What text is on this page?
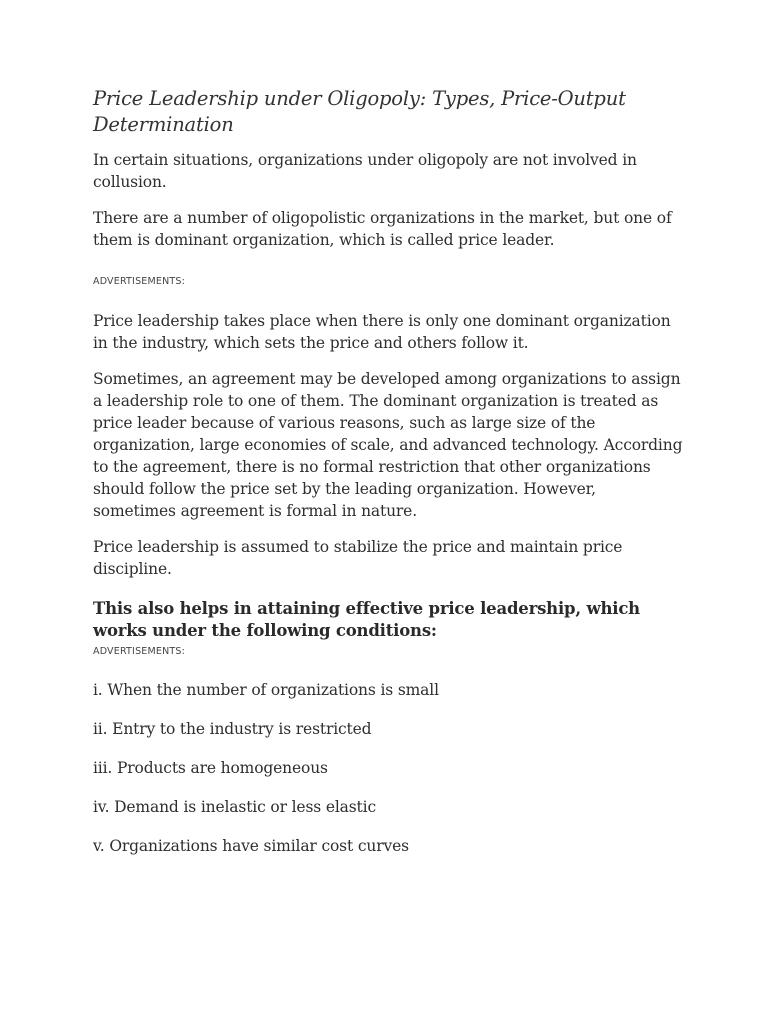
Price Leadership under Oligopoly: Types, Price-Output Determination

In certain situations, organizations under oligopoly are not involved in collusion.

There are a number of oligopolistic organizations in the market, but one of them is dominant organization, which is called price leader.

ADVERTISEMENTS:

Price leadership takes place when there is only one dominant organization in the industry, which sets the price and others follow it.

Sometimes, an agreement may be developed among organizations to assign a leadership role to one of them. The dominant organization is treated as price leader because of various reasons, such as large size of the organization, large economies of scale, and advanced technology. According to the agreement, there is no formal restriction that other organizations should follow the price set by the leading organization. However, sometimes agreement is formal in nature.

Price leadership is assumed to stabilize the price and maintain price discipline.

This also helps in attaining effective price leadership, which works under the following conditions:
ADVERTISEMENTS:
i. When the number of organizations is small
ii. Entry to the industry is restricted
iii. Products are homogeneous
iv. Demand is inelastic or less elastic
v. Organizations have similar cost curves
